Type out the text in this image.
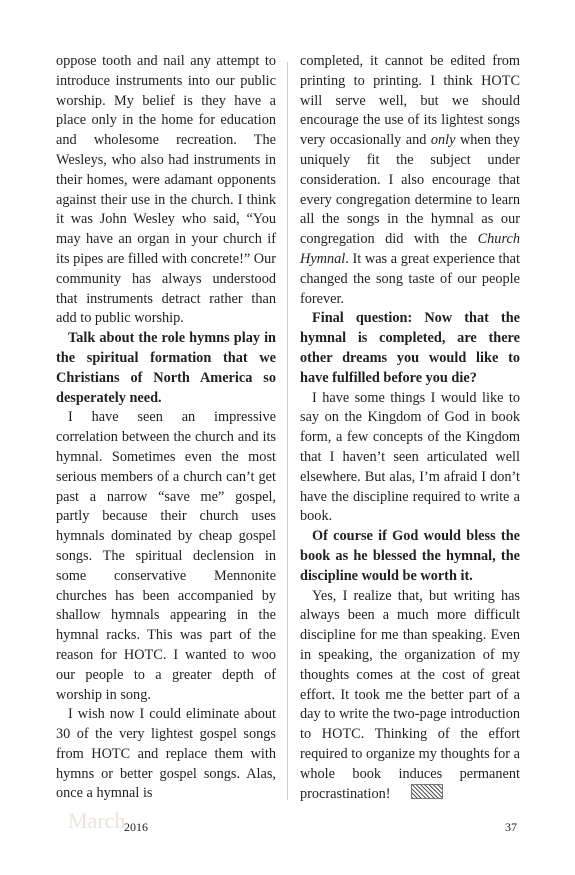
oppose tooth and nail any attempt to introduce instruments into our public worship. My belief is they have a place only in the home for education and wholesome recreation. The Wesleys, who also had instruments in their homes, were adamant opponents against their use in the church. I think it was John Wesley who said, “You may have an organ in your church if its pipes are filled with concrete!” Our community has always understood that instruments detract rather than add to public worship.

Talk about the role hymns play in the spiritual formation that we Christians of North America so desperately need.

I have seen an impressive correlation between the church and its hymnal. Sometimes even the most serious members of a church can’t get past a narrow “save me” gospel, partly because their church uses hymnals dominated by cheap gospel songs. The spiritual declension in some conservative Mennonite churches has been accompanied by shallow hymnals appearing in the hymnal racks. This was part of the reason for HOTC. I wanted to woo our people to a greater depth of worship in song.

I wish now I could eliminate about 30 of the very lightest gospel songs from HOTC and replace them with hymns or better gospel songs. Alas, once a hymnal is

completed, it cannot be edited from printing to printing. I think HOTC will serve well, but we should encourage the use of its lightest songs very occasionally and only when they uniquely fit the subject under consideration. I also encourage that every congregation determine to learn all the songs in the hymnal as our congregation did with the Church Hymnal. It was a great experience that changed the song taste of our people forever.

Final question: Now that the hymnal is completed, are there other dreams you would like to have fulfilled before you die?

I have some things I would like to say on the Kingdom of God in book form, a few concepts of the Kingdom that I haven’t seen articulated well elsewhere. But alas, I’m afraid I don’t have the discipline required to write a book.

Of course if God would bless the book as he blessed the hymnal, the discipline would be worth it.

Yes, I realize that, but writing has always been a much more difficult discipline for me than speaking. Even in speaking, the organization of my thoughts comes at the cost of great effort. It took me the better part of a day to write the two-page introduction to HOTC. Thinking of the effort required to organize my thoughts for a whole book induces permanent procrastination!

March
2016	37
